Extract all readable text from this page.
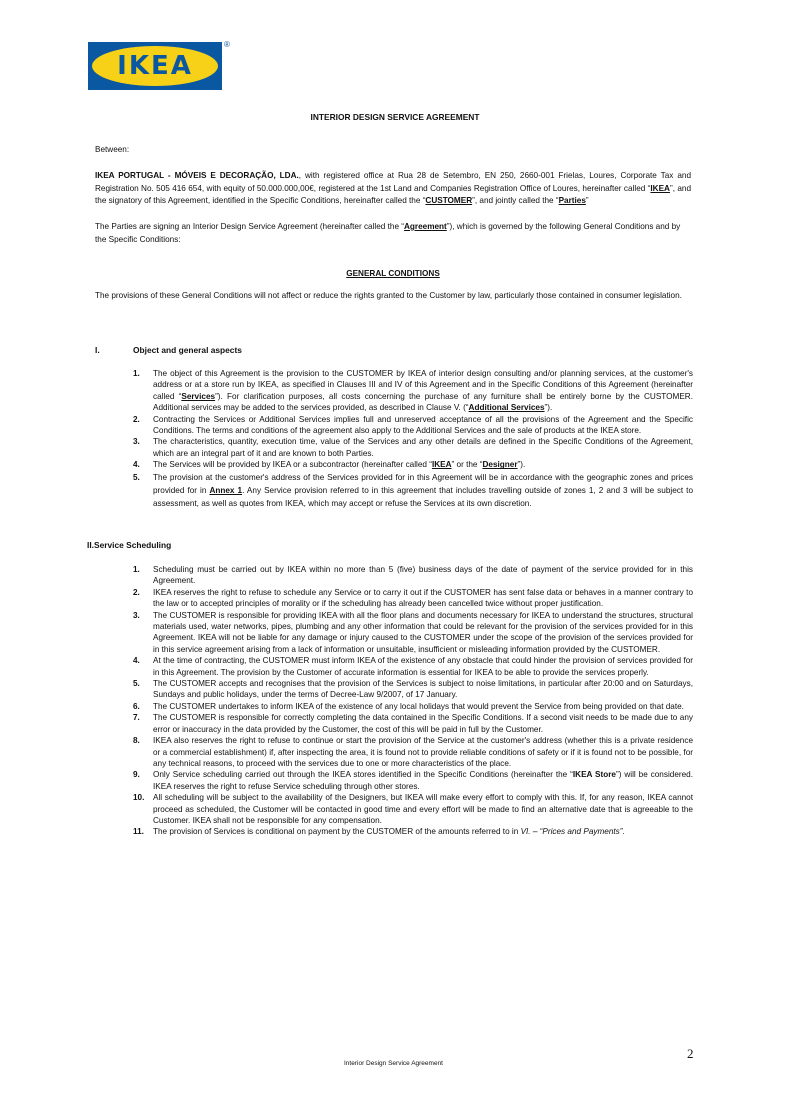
IKEA
®
INTERIOR DESIGN SERVICE AGREEMENT

Between:

IKEA PORTUGAL - MÓVEIS E DECORAÇÃO, LDA., with registered office at Rua 28 de Setembro, EN 250, 2660-001 Frielas, Loures, Corporate Tax and Registration No. 505 416 654, with equity of 50.000.000,00€, registered at the 1st Land and Companies Registration Office of Loures, hereinafter called “IKEA”, and the signatory of this Agreement, identified in the Specific Conditions, hereinafter called the “CUSTOMER”, and jointly called the “Parties”

The Parties are signing an Interior Design Service Agreement (hereinafter called the “Agreement”), which is governed by the following General Conditions and by the Specific Conditions:

GENERAL CONDITIONS

The provisions of these General Conditions will not affect or reduce the rights granted to the Customer by law, particularly those contained in consumer legislation.

I.	Object and general aspects
1. The object of this Agreement is the provision to the CUSTOMER by IKEA of interior design consulting and/or planning services, at the customer's address or at a store run by IKEA, as specified in Clauses III and IV of this Agreement and in the Specific Conditions of this Agreement (hereinafter called “Services”). For clarification purposes, all costs concerning the purchase of any furniture shall be entirely borne by the CUSTOMER. Additional services may be added to the services provided, as described in Clause V. (“Additional Services”).
2. Contracting the Services or Additional Services implies full and unreserved acceptance of all the provisions of the Agreement and the Specific Conditions. The terms and conditions of the agreement also apply to the Additional Services and the sale of products at the IKEA store.
3. The characteristics, quantity, execution time, value of the Services and any other details are defined in the Specific Conditions of the Agreement, which are an integral part of it and are known to both Parties.
4. The Services will be provided by IKEA or a subcontractor (hereinafter called “IKEA” or the “Designer”).
5. The provision at the customer's address of the Services provided for in this Agreement will be in accordance with the geographic zones and prices provided for in Annex 1. Any Service provision referred to in this agreement that includes travelling outside of zones 1, 2 and 3 will be subject to assessment, as well as quotes from IKEA, which may accept or refuse the Services at its own discretion.
II.Service Scheduling
1. Scheduling must be carried out by IKEA within no more than 5 (five) business days of the date of payment of the service provided for in this Agreement.
2. IKEA reserves the right to refuse to schedule any Service or to carry it out if the CUSTOMER has sent false data or behaves in a manner contrary to the law or to accepted principles of morality or if the scheduling has already been cancelled twice without proper justification.
3. The CUSTOMER is responsible for providing IKEA with all the floor plans and documents necessary for IKEA to understand the structures, structural materials used, water networks, pipes, plumbing and any other information that could be relevant for the provision of the services provided for in this Agreement. IKEA will not be liable for any damage or injury caused to the CUSTOMER under the scope of the provision of the services provided for in this service agreement arising from a lack of information or unsuitable, insufficient or misleading information provided by the CUSTOMER.
4. At the time of contracting, the CUSTOMER must inform IKEA of the existence of any obstacle that could hinder the provision of services provided for in this Agreement. The provision by the Customer of accurate information is essential for IKEA to be able to provide the services properly.
5. The CUSTOMER accepts and recognises that the provision of the Services is subject to noise limitations, in particular after 20:00 and on Saturdays, Sundays and public holidays, under the terms of Decree-Law 9/2007, of 17 January.
6. The CUSTOMER undertakes to inform IKEA of the existence of any local holidays that would prevent the Service from being provided on that date.
7. The CUSTOMER is responsible for correctly completing the data contained in the Specific Conditions. If a second visit needs to be made due to any error or inaccuracy in the data provided by the Customer, the cost of this will be paid in full by the Customer.
8. IKEA also reserves the right to refuse to continue or start the provision of the Service at the customer's address (whether this is a private residence or a commercial establishment) if, after inspecting the area, it is found not to provide reliable conditions of safety or if it is found not to be possible, for any technical reasons, to proceed with the services due to one or more characteristics of the place.
9. Only Service scheduling carried out through the IKEA stores identified in the Specific Conditions (hereinafter the “IKEA Store”) will be considered. IKEA reserves the right to refuse Service scheduling through other stores.
10. All scheduling will be subject to the availability of the Designers, but IKEA will make every effort to comply with this. If, for any reason, IKEA cannot proceed as scheduled, the Customer will be contacted in good time and every effort will be made to find an alternative date that is agreeable to the Customer. IKEA shall not be responsible for any compensation.
11. The provision of Services is conditional on payment by the CUSTOMER of the amounts referred to in VI. – “Prices and Payments”.
2
Interior Design Service Agreement
